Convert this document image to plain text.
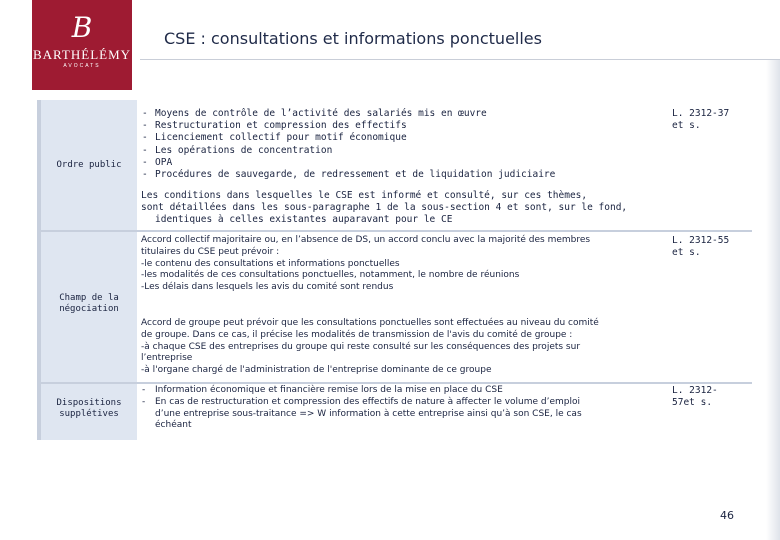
B
BARTHÉLÉMY
AVOCATS
CSE : consultations et informations ponctuelles
Ordre public
- Moyens de contrôle de l’activité des salariés mis en œuvre
- Restructuration et compression des effectifs
- Licenciement collectif pour motif économique
- Les opérations de concentration
- OPA
- Procédures de sauvegarde, de redressement et de liquidation judiciaire
Les conditions dans lesquelles le CSE est informé et consulté, sur ces thèmes,
sont détaillées dans les sous-paragraphe 1 de la sous-section 4 et sont, sur le fond,
identiques à celles existantes auparavant pour le CE
L. 2312-37
et s.
Champ de la
négociation
Accord collectif majoritaire ou, en l’absence de DS, un accord conclu avec la majorité des membres
titulaires du CSE peut prévoir :
-le contenu des consultations et informations ponctuelles
-les modalités de ces consultations ponctuelles, notamment, le nombre de réunions
-Les délais dans lesquels les avis du comité sont rendus
Accord de groupe peut prévoir que les consultations ponctuelles sont effectuées au niveau du comité
de groupe. Dans ce cas, il précise les modalités de transmission de l'avis du comité de groupe :
-à chaque CSE des entreprises du groupe qui reste consulté sur les conséquences des projets sur
l’entreprise
-à l'organe chargé de l'administration de l'entreprise dominante de ce groupe
L. 2312-55
et s.
Dispositions
supplétives
- Information économique et financière remise lors de la mise en place du CSE
- En cas de restructuration et compression des effectifs de nature à affecter le volume d’emploi
d’une entreprise sous-traitance => W information à cette entreprise ainsi qu’à son CSE, le cas
échéant
L. 2312-
57et s.
46
